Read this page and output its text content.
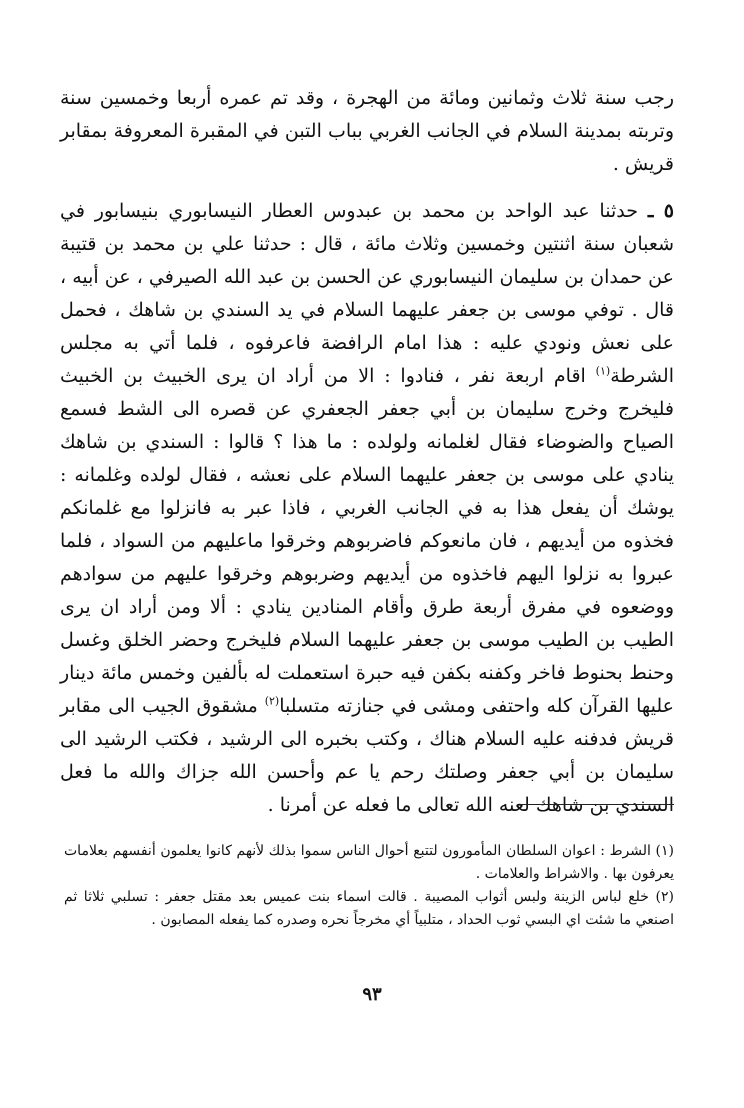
رجب سنة ثلاث وثمانين ومائة من الهجرة ، وقد تم عمره أربعا وخمسين سنة وتربته بمدينة السلام في الجانب الغربي بباب التبن في المقبرة المعروفة بمقابر قريش .

٥ ـ حدثنا عبد الواحد بن محمد بن عبدوس العطار النيسابوري بنيسابور في شعبان سنة اثنتين وخمسين وثلاث مائة ، قال : حدثنا علي بن محمد بن قتيبة عن حمدان بن سليمان النيسابوري عن الحسن بن عبد الله الصيرفي ، عن أبيه ، قال . توفي موسى بن جعفر عليهما السلام في يد السندي بن شاهك ، فحمل على نعش ونودي عليه : هذا امام الرافضة فاعرفوه ، فلما أتي به مجلس الشرطة$^{(١)}$ اقام اربعة نفر ، فنادوا : الا من أراد ان يرى الخبيث بن الخبيث فليخرج وخرج سليمان بن أبي جعفر الجعفري عن قصره الى الشط فسمع الصياح والضوضاء فقال لغلمانه ولولده : ما هذا ؟ قالوا : السندي بن شاهك ينادي على موسى بن جعفر عليهما السلام على نعشه ، فقال لولده وغلمانه : يوشك أن يفعل هذا به في الجانب الغربي ، فاذا عبر به فانزلوا مع غلمانكم فخذوه من أيديهم ، فان مانعوكم فاضربوهم وخرقوا ماعليهم من السواد ، فلما عبروا به نزلوا اليهم فاخذوه من أيديهم وضربوهم وخرقوا عليهم من سوادهم ووضعوه في مفرق أربعة طرق وأقام المنادين ينادي : ألا ومن أراد ان يرى الطيب بن الطيب موسى بن جعفر عليهما السلام فليخرج وحضر الخلق وغسل وحنط بحنوط فاخر وكفنه بكفن فيه حبرة استعملت له بألفين وخمس مائة دينار عليها القرآن كله واحتفى ومشى في جنازته متسلبا$^{(٢)}$ مشقوق الجيب الى مقابر قريش فدفنه عليه السلام هناك ، وكتب بخبره الى الرشيد ، فكتب الرشيد الى سليمان بن أبي جعفر وصلتك رحم يا عم وأحسن الله جزاك والله ما فعل السندي بن شاهك لعنه الله تعالى ما فعله عن أمرنا .

(١) الشرط : اعوان السلطان المأمورون لتتبع أحوال الناس سموا بذلك لأنهم كانوا يعلمون أنفسهم بعلامات يعرفون بها . والاشراط والعلامات .

(٢) خلع لباس الزينة ولبس أثواب المصيبة . قالت اسماء بنت عميس بعد مقتل جعفر : تسلبي ثلاثا ثم اصنعي ما شئت اي البسي ثوب الحداد ، متلبياً أي مخرجاً نحره وصدره كما يفعله المصابون .

٩٣
